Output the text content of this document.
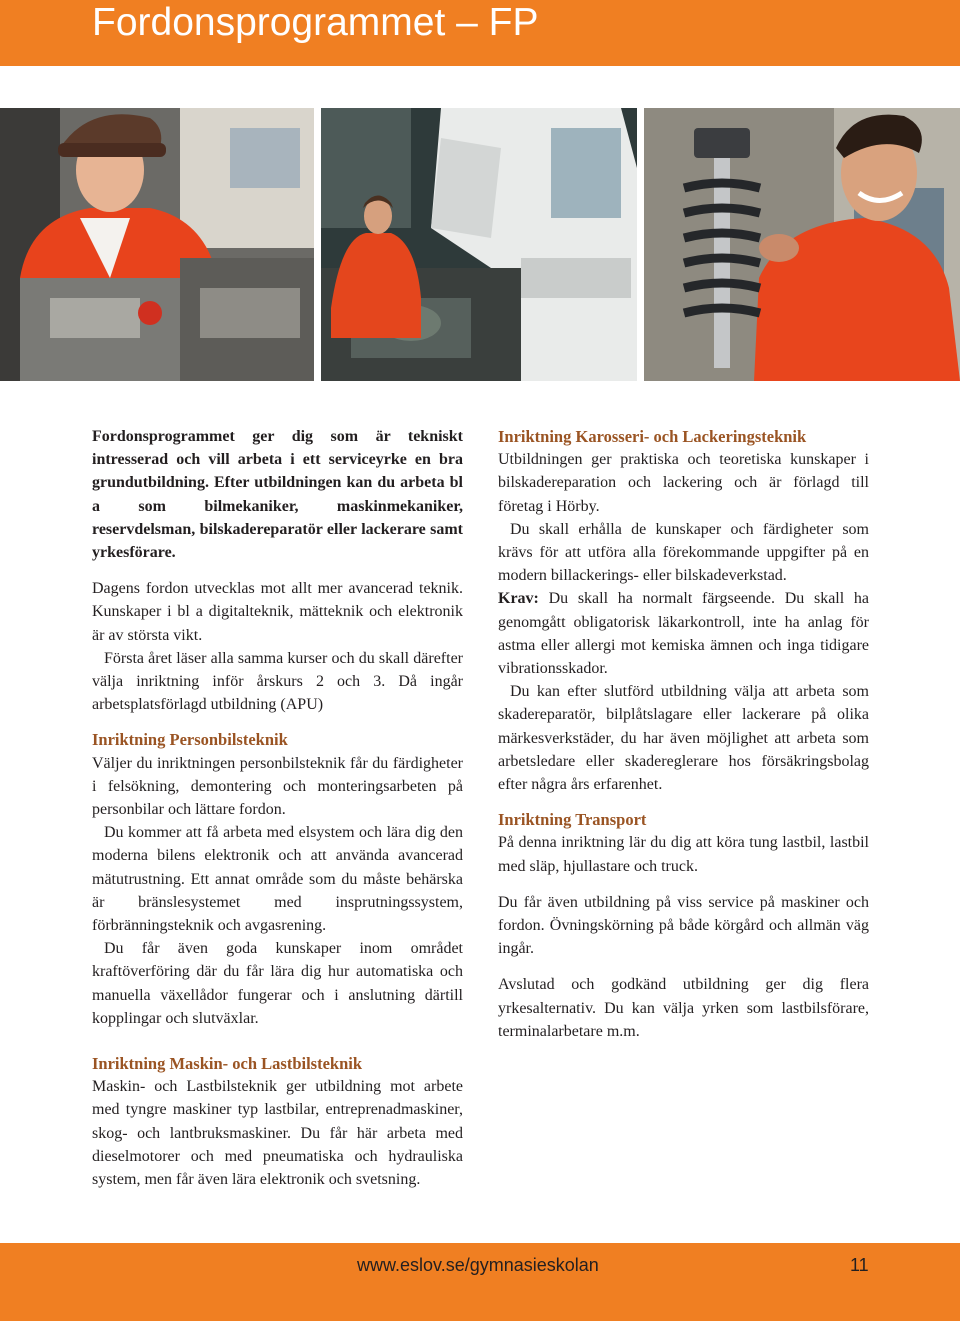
Fordonsprogrammet – FP

Fordonsprogrammet ger dig som är tekniskt intresserad och vill arbeta i ett serviceyrke en bra grundutbildning. Efter utbildningen kan du arbeta bl a som bilmekaniker, maskinmekaniker, reservdelsman, bilskadereparatör eller lackerare samt yrkesförare.

Dagens fordon utvecklas mot allt mer avancerad teknik. Kunskaper i bl a digitalteknik, mätteknik och elektronik är av största vikt.

Första året läser alla samma kurser och du skall därefter välja inriktning inför årskurs 2 och 3. Då ingår arbetsplatsförlagd utbildning (APU)

Inriktning Personbilsteknik

Väljer du inriktningen personbilsteknik får du färdigheter i felsökning, demontering och monteringsarbeten på personbilar och lättare fordon.

Du kommer att få arbeta med elsystem och lära dig den moderna bilens elektronik och att använda avancerad mätutrustning. Ett annat område som du måste behärska är bränslesystemet med insprutningssystem, förbränningsteknik och avgasrening.

Du får även goda kunskaper inom området kraftöverföring där du får lära dig hur automatiska och manuella växellådor fungerar och i anslutning därtill kopplingar och slutväxlar.

Inriktning Maskin- och Lastbilsteknik

Maskin- och Lastbilsteknik ger utbildning mot arbete med tyngre maskiner typ lastbilar, entreprenadmaskiner, skog- och lantbruksmaskiner. Du får här arbeta med dieselmotorer och med pneumatiska och hydrauliska system, men får även lära elektronik och svetsning.

Inriktning Karosseri- och Lackeringsteknik

Utbildningen ger praktiska och teoretiska kunskaper i bilskadereparation och lackering och är förlagd till företag i Hörby.

Du skall erhålla de kunskaper och färdigheter som krävs för att utföra alla förekommande uppgifter på en modern billackerings- eller bilskadeverkstad.

Krav: Du skall ha normalt färgseende. Du skall ha genomgått obligatorisk läkarkontroll, inte ha anlag för astma eller allergi mot kemiska ämnen och inga tidigare vibrationsskador.

Du kan efter slutförd utbildning välja att arbeta som skadereparatör, bilplåtslagare eller lackerare på olika märkesverkstäder, du har även möjlighet att arbeta som arbetsledare eller skadereglerare hos försäkringsbolag efter några års erfarenhet.

Inriktning Transport

På denna inriktning lär du dig att köra tung lastbil, lastbil med släp, hjullastare och truck.

Du får även utbildning på viss service på maskiner och fordon. Övningskörning på både körgård och allmän väg ingår.

Avslutad och godkänd utbildning ger dig flera yrkesalternativ. Du kan välja yrken som lastbilsförare, terminalarbetare m.m.

www.eslov.se/gymnasieskolan	11
